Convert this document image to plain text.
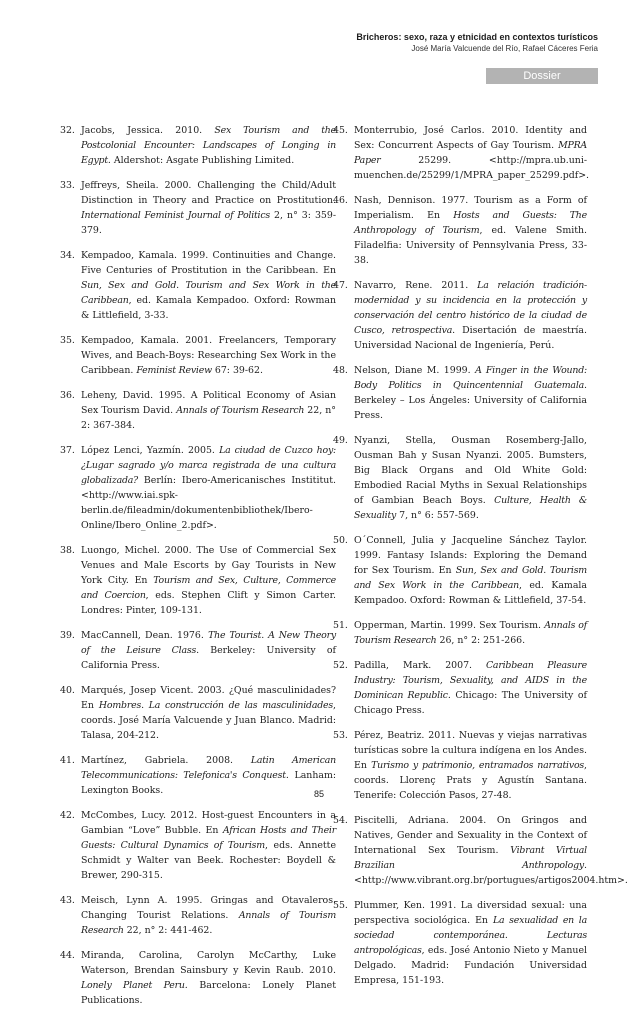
Bricheros: sexo, raza y etnicidad en contextos turísticos
José María Valcuende del Río, Rafael Cáceres Feria
Dossier

32. Jacobs, Jessica. 2010. Sex Tourism and the Postcolonial Encounter: Landscapes of Longing in Egypt. Aldershot: Asgate Publishing Limited.

33. Jeffreys, Sheila. 2000. Challenging the Child/Adult Distinction in Theory and Practice on Prostitution. International Feminist Journal of Politics 2, n° 3: 359-379.

34. Kempadoo, Kamala. 1999. Continuities and Change. Five Centuries of Prostitution in the Caribbean. En Sun, Sex and Gold. Tourism and Sex Work in the Caribbean, ed. Kamala Kempadoo. Oxford: Rowman & Littlefield, 3-33.

35. Kempadoo, Kamala. 2001. Freelancers, Temporary Wives, and Beach-Boys: Researching Sex Work in the Caribbean. Feminist Review 67: 39-62.

36. Leheny, David. 1995. A Political Economy of Asian Sex Tourism David. Annals of Tourism Research 22, n° 2: 367-384.

37. López Lenci, Yazmín. 2005. La ciudad de Cuzco hoy: ¿Lugar sagrado y/o marca registrada de una cultura globalizada? Berlín: Ibero-Americanisches Instititut. <http://www.iai.spk-berlin.de/fileadmin/dokumentenbibliothek/Ibero-Online/Ibero_Online_2.pdf>.

38. Luongo, Michel. 2000. The Use of Commercial Sex Venues and Male Escorts by Gay Tourists in New York City. En Tourism and Sex, Culture, Commerce and Coercion, eds. Stephen Clift y Simon Carter. Londres: Pinter, 109-131.

39. MacCannell, Dean. 1976. The Tourist. A New Theory of the Leisure Class. Berkeley: University of California Press.

40. Marqués, Josep Vicent. 2003. ¿Qué masculinidades? En Hombres. La construcción de las masculinidades, coords. José María Valcuende y Juan Blanco. Madrid: Talasa, 204-212.

41. Martínez, Gabriela. 2008. Latin American Telecommunications: Telefonica's Conquest. Lanham: Lexington Books.

42. McCombes, Lucy. 2012. Host-guest Encounters in a Gambian “Love” Bubble. En African Hosts and Their Guests: Cultural Dynamics of Tourism, eds. Annette Schmidt y Walter van Beek. Rochester: Boydell & Brewer, 290-315.

43. Meisch, Lynn A. 1995. Gringas and Otavaleros. Changing Tourist Relations. Annals of Tourism Research 22, n° 2: 441-462.

44. Miranda, Carolina, Carolyn McCarthy, Luke Waterson, Brendan Sainsbury y Kevin Raub. 2010. Lonely Planet Peru. Barcelona: Lonely Planet Publications.

45. Monterrubio, José Carlos. 2010. Identity and Sex: Concurrent Aspects of Gay Tourism. MPRA Paper 25299. <http://mpra.ub.uni-muenchen.de/25299/1/MPRA_paper_25299.pdf>.

46. Nash, Dennison. 1977. Tourism as a Form of Imperialism. En Hosts and Guests: The Anthropology of Tourism, ed. Valene Smith. Filadelfia: University of Pennsylvania Press, 33-38.

47. Navarro, Rene. 2011. La relación tradición-modernidad y su incidencia en la protección y conservación del centro histórico de la ciudad de Cusco, retrospectiva. Disertación de maestría. Universidad Nacional de Ingeniería, Perú.

48. Nelson, Diane M. 1999. A Finger in the Wound: Body Politics in Quincentennial Guatemala. Berkeley – Los Ángeles: University of California Press.

49. Nyanzi, Stella, Ousman Rosemberg-Jallo, Ousman Bah y Susan Nyanzi. 2005. Bumsters, Big Black Organs and Old White Gold: Embodied Racial Myths in Sexual Relationships of Gambian Beach Boys. Culture, Health & Sexuality 7, n° 6: 557-569.

50. O´Connell, Julia y Jacqueline Sánchez Taylor. 1999. Fantasy Islands: Exploring the Demand for Sex Tourism. En Sun, Sex and Gold. Tourism and Sex Work in the Caribbean, ed. Kamala Kempadoo. Oxford: Rowman & Littlefield, 37-54.

51. Opperman, Martin. 1999. Sex Tourism. Annals of Tourism Research 26, n° 2: 251-266.

52. Padilla, Mark. 2007. Caribbean Pleasure Industry: Tourism, Sexuality, and AIDS in the Dominican Republic. Chicago: The University of Chicago Press.

53. Pérez, Beatriz. 2011. Nuevas y viejas narrativas turísticas sobre la cultura indígena en los Andes. En Turismo y patrimonio, entramados narrativos, coords. Llorenç Prats y Agustín Santana. Tenerife: Colección Pasos, 27-48.

54. Piscitelli, Adriana. 2004. On Gringos and Natives, Gender and Sexuality in the Context of International Sex Tourism. Vibrant Virtual Brazilian Anthropology. <http://www.vibrant.org.br/portugues/artigos2004.htm>.

55. Plummer, Ken. 1991. La diversidad sexual: una perspectiva sociológica. En La sexualidad en la sociedad contemporánea. Lecturas antropológicas, eds. José Antonio Nieto y Manuel Delgado. Madrid: Fundación Universidad Empresa, 151-193.

85
